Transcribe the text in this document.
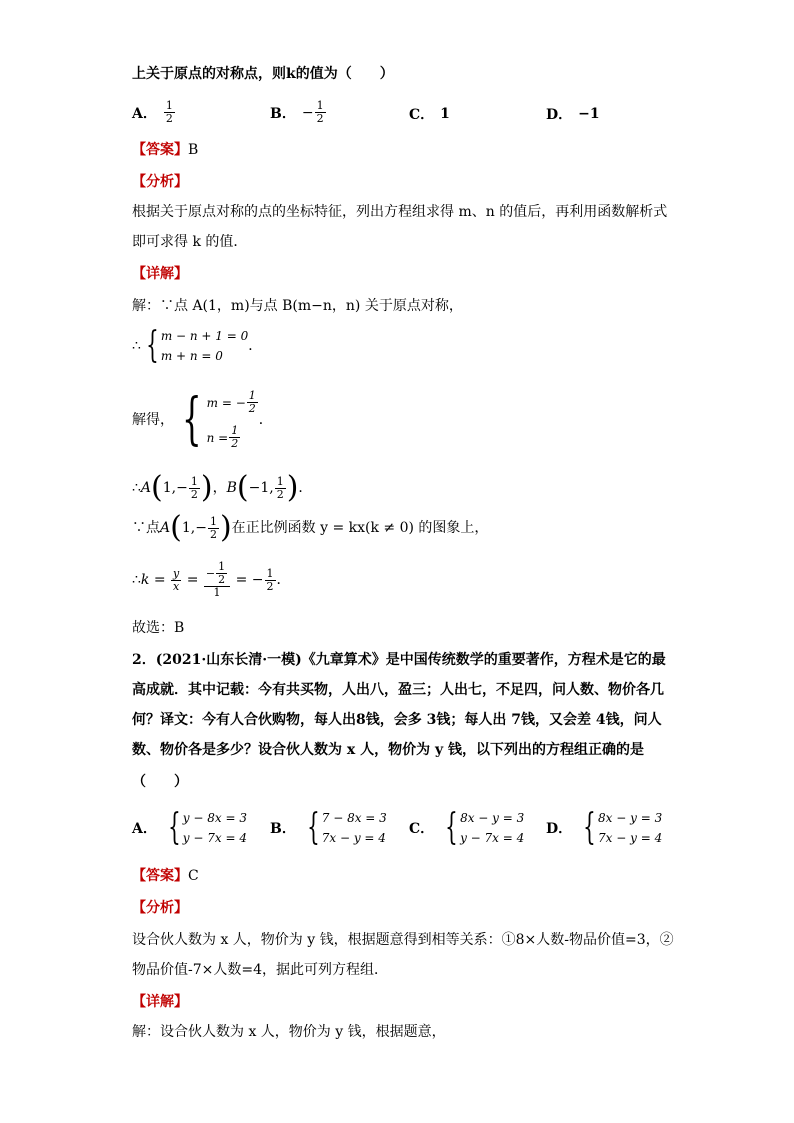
上关于原点的对称点，则k的值为（　　）
A． $\frac{1}{2}$	B． − $\frac{1}{2}$	C． 1	D． −1
【答案】B
【分析】
根据关于原点对称的点的坐标特征，列出方程组求得 m、n 的值后，再利用函数解析式
即可求得 k 的值．
【详解】
解：∵点 A(1，m)与点 B(m−n，n) 关于原点对称，
∴ { m − n + 1 = 0
m + n = 0
．
解得， { m = − $\frac{1}{2}$
$n = \frac{1}{2}$
．
∴ A ( $1,- \frac{1}{2}$ ) ， B ( −1, $\frac{1}{2}$ ) ．
∵点 A ( $1,- \frac{1}{2}$ ) 在正比例函数 y = kx(k ≠ 0) 的图象上，
∴ $k = \frac{y}{x} = \frac{- \frac{1}{2}}{1}$ = − $\frac{1}{2}$ ．
故选：B
2．(2021·山东长清·一模)《九章算术》是中国传统数学的重要著作，方程术是它的最
高成就．其中记载：今有共买物，人出八，盈三；人出七，不足四，问人数、物价各几
何？译文：今有人合伙购物，每人出8钱，会多 3钱；每人出 7钱，又会差 4钱，问人
数、物价各是多少？设合伙人数为 x 人，物价为 y 钱，以下列出的方程组正确的是
（　　）
A． { y − 8x = 3
y − 7x = 4
B． { 7 − 8x = 3
7x − y = 4
C． { 8x − y = 3
y − 7x = 4
D． { 8x − y = 3
7x − y = 4
【答案】C
【分析】
设合伙人数为 x 人，物价为 y 钱，根据题意得到相等关系：①8×人数-物品价值=3，②
物品价值-7×人数=4，据此可列方程组．
【详解】
解：设合伙人数为 x 人，物价为 y 钱，根据题意，
